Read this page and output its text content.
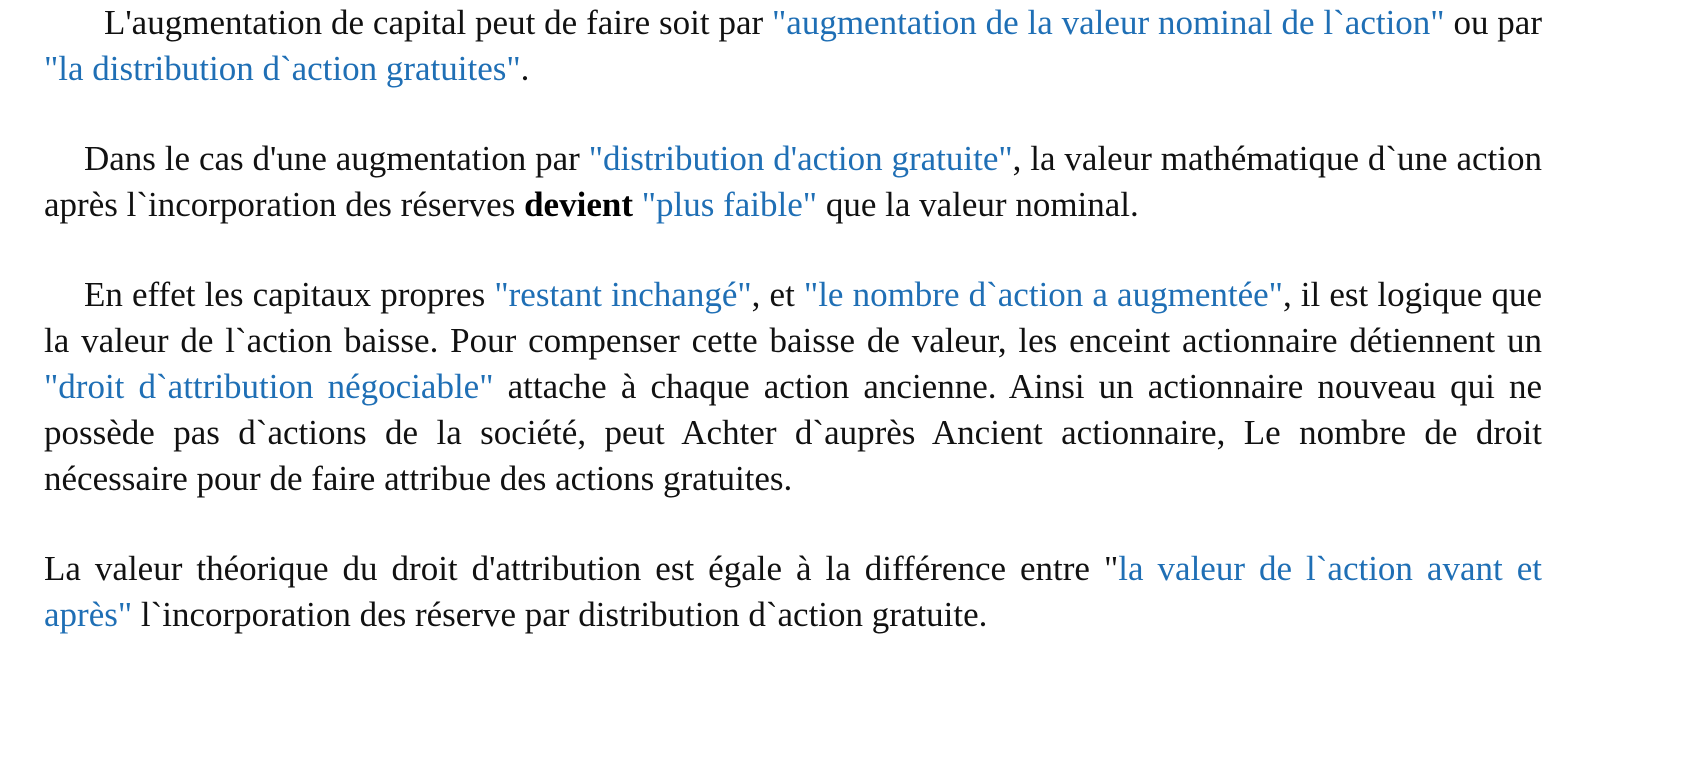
L'augmentation de capital peut de faire soit par "augmentation de la valeur nominal de l`action" ou par "la distribution d`action gratuites".

Dans le cas d'une augmentation par "distribution d'action gratuite", la valeur mathématique d`une action après l`incorporation des réserves devient "plus faible" que la valeur nominal.

En effet les capitaux propres "restant inchangé", et "le nombre d`action a augmentée", il est logique que la valeur de l`action baisse. Pour compenser cette baisse de valeur, les enceint actionnaire détiennent un "droit d`attribution négociable" attache à chaque action ancienne. Ainsi un actionnaire nouveau qui ne possède pas d`actions de la société, peut Achter d`auprès Ancient actionnaire, Le nombre de droit nécessaire pour de faire attribue des actions gratuites.

La valeur théorique du droit d'attribution est égale à la différence entre "la valeur de l`action avant et après" l`incorporation des réserve par distribution d`action gratuite.
